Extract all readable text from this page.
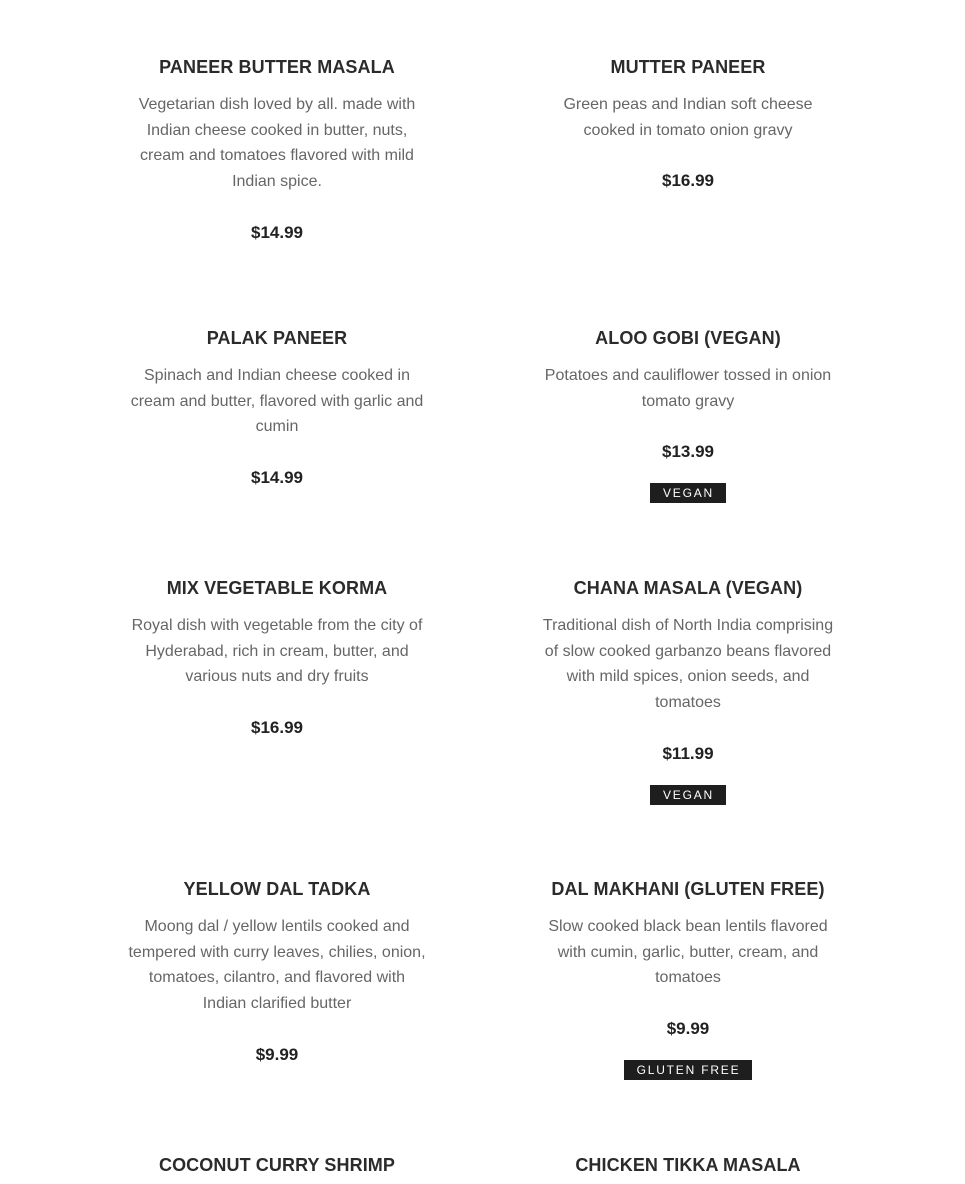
PANEER BUTTER MASALA

Vegetarian dish loved by all. made with Indian cheese cooked in butter, nuts, cream and tomatoes flavored with mild Indian spice.

$14.99
MUTTER PANEER

Green peas and Indian soft cheese cooked in tomato onion gravy

$16.99
PALAK PANEER

Spinach and Indian cheese cooked in cream and butter, flavored with garlic and cumin

$14.99
ALOO GOBI (VEGAN)

Potatoes and cauliflower tossed in onion tomato gravy

$13.99
VEGAN
MIX VEGETABLE KORMA

Royal dish with vegetable from the city of Hyderabad, rich in cream, butter, and various nuts and dry fruits

$16.99
CHANA MASALA (VEGAN)

Traditional dish of North India comprising of slow cooked garbanzo beans flavored with mild spices, onion seeds, and tomatoes

$11.99
VEGAN
YELLOW DAL TADKA

Moong dal / yellow lentils cooked and tempered with curry leaves, chilies, onion, tomatoes, cilantro, and flavored with Indian clarified butter

$9.99
DAL MAKHANI (GLUTEN FREE)

Slow cooked black bean lentils flavored with cumin, garlic, butter, cream, and tomatoes

$9.99
GLUTEN FREE
COCONUT CURRY SHRIMP	CHICKEN TIKKA MASALA
